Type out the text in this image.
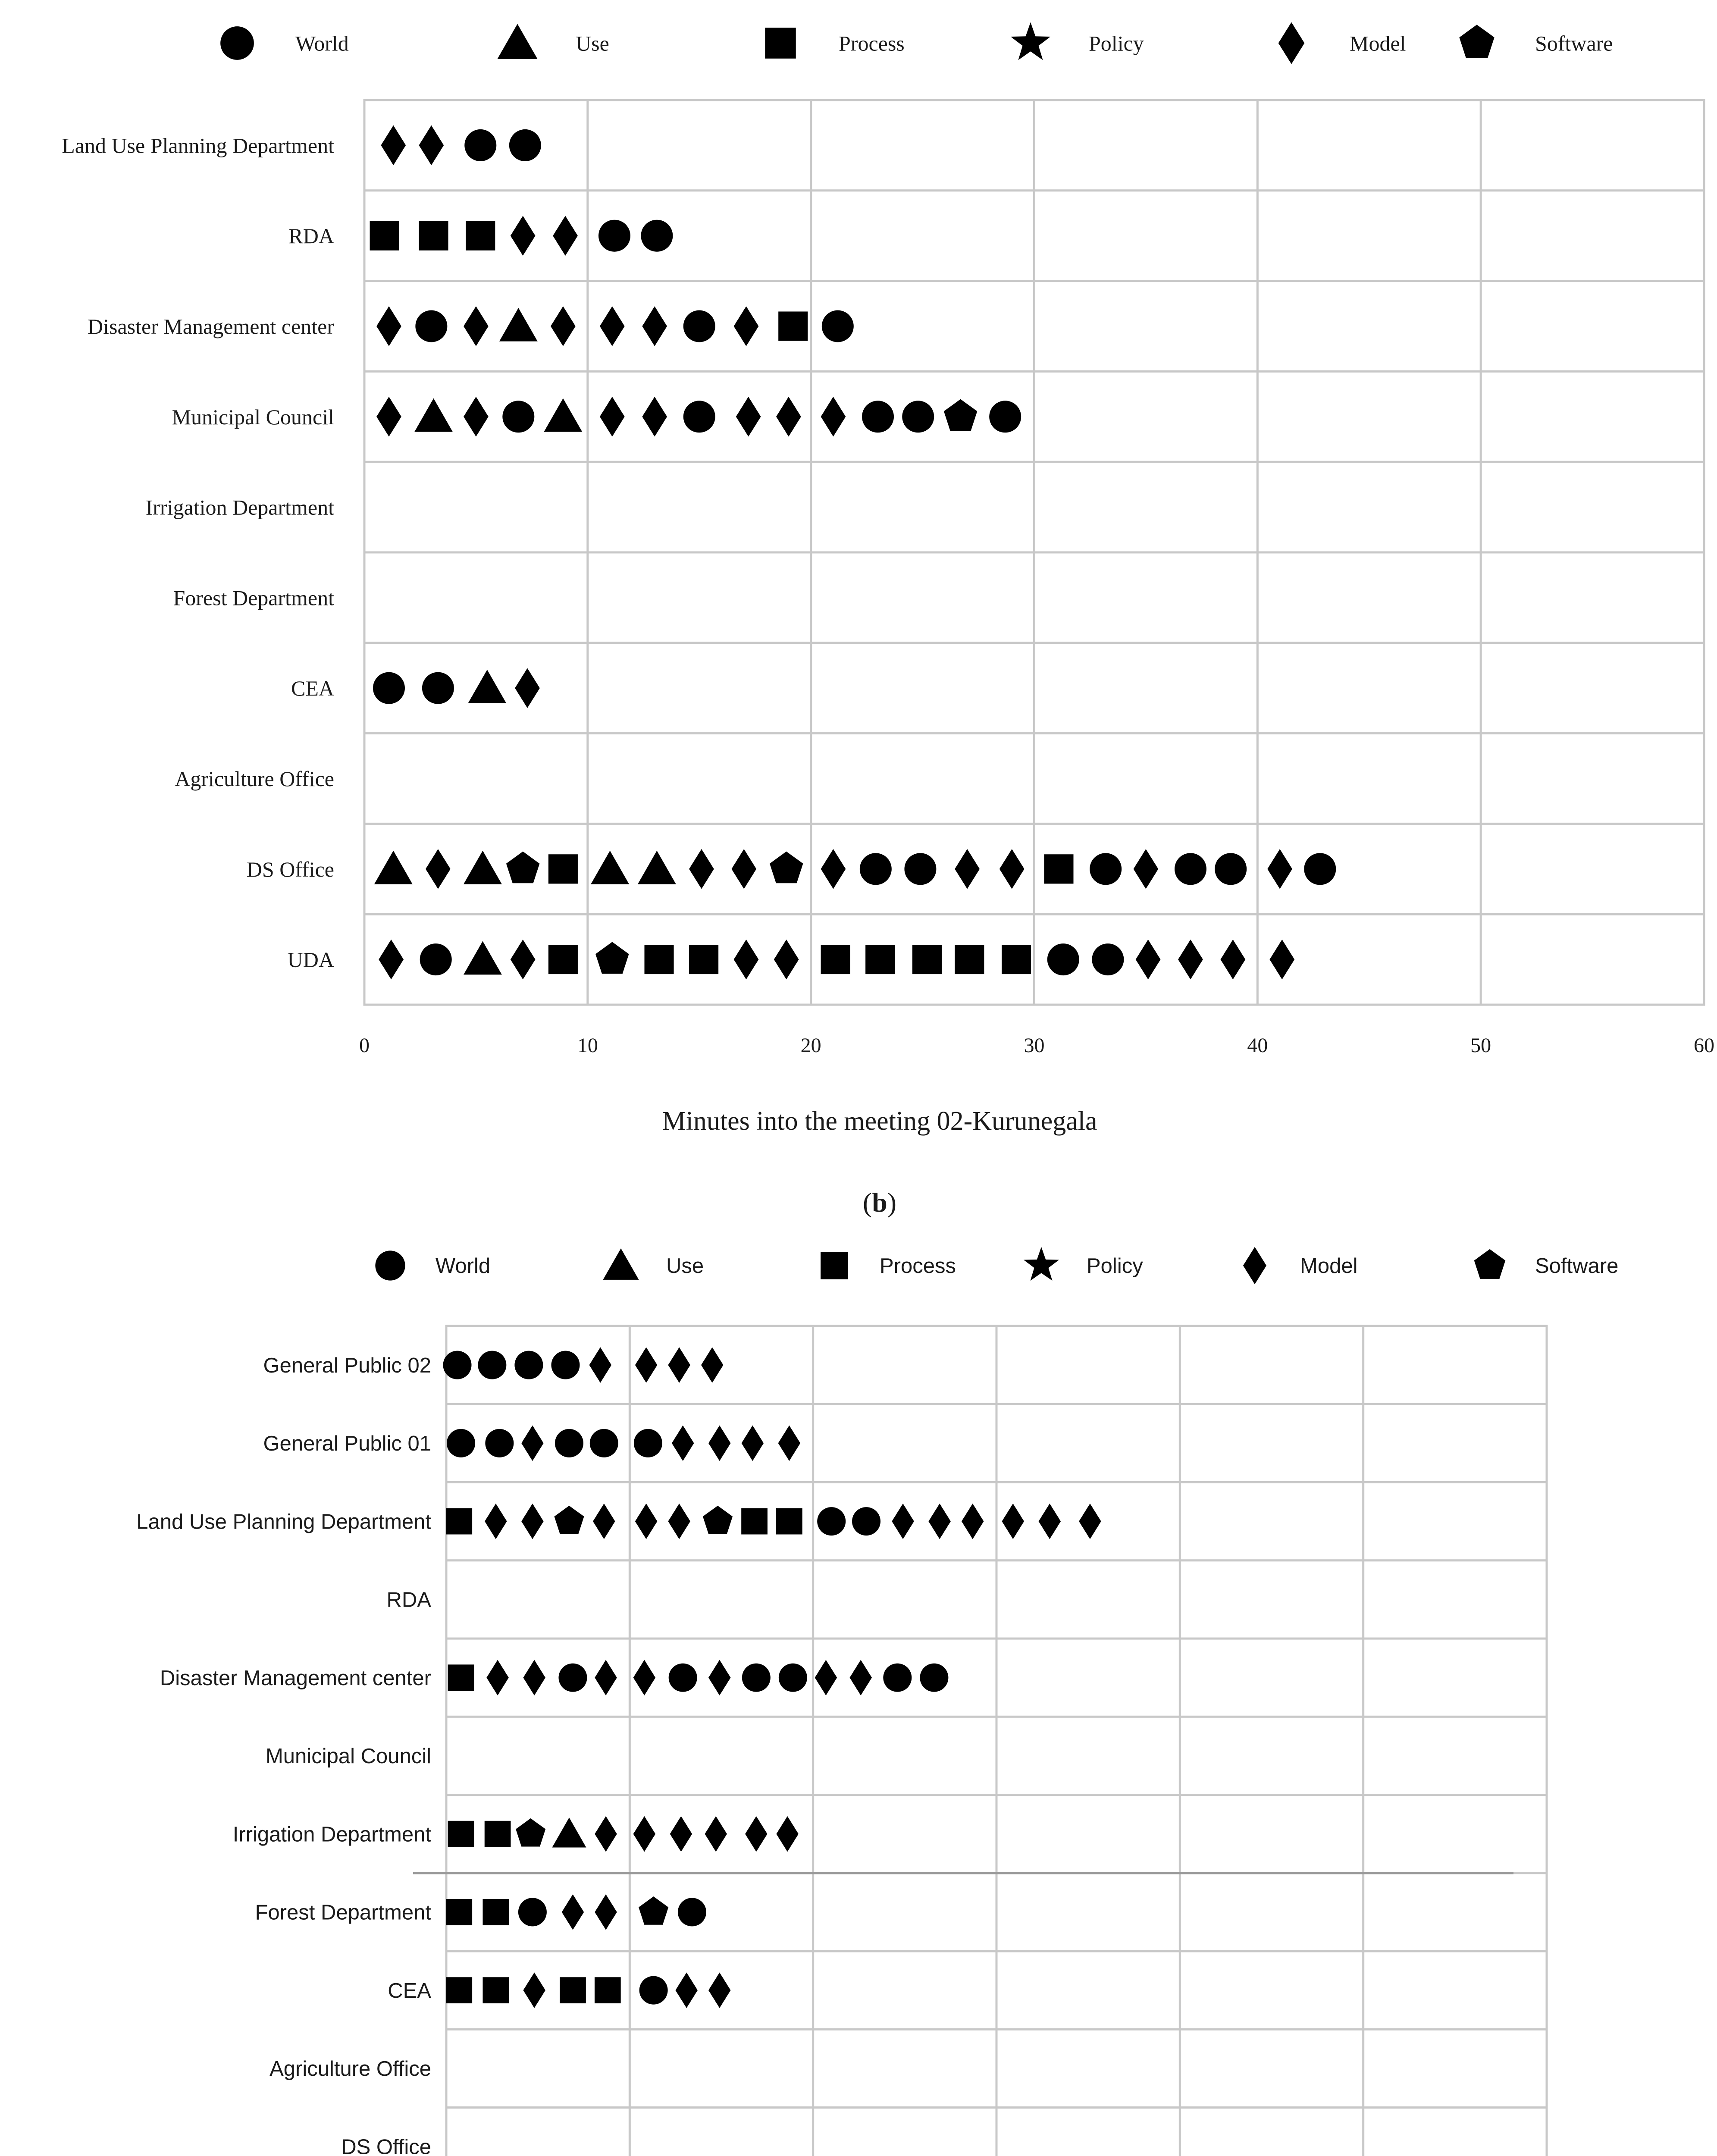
World	Use	Process	Policy	Model	Software
Land Use Planning Department
RDA
Disaster Management center
Municipal Council
Irrigation Department
Forest Department
CEA
Agriculture Office
DS Office
UDA
0	10	20	30	40	50	60
Minutes into the meeting 02-Kurunegala
(b)
World	Use	Process	Policy	Model	Software
General Public 02
General Public 01
Land Use Planning Department
RDA
Disaster Management center
Municipal Council
Irrigation Department
Forest Department
CEA
Agriculture Office
DS Office
